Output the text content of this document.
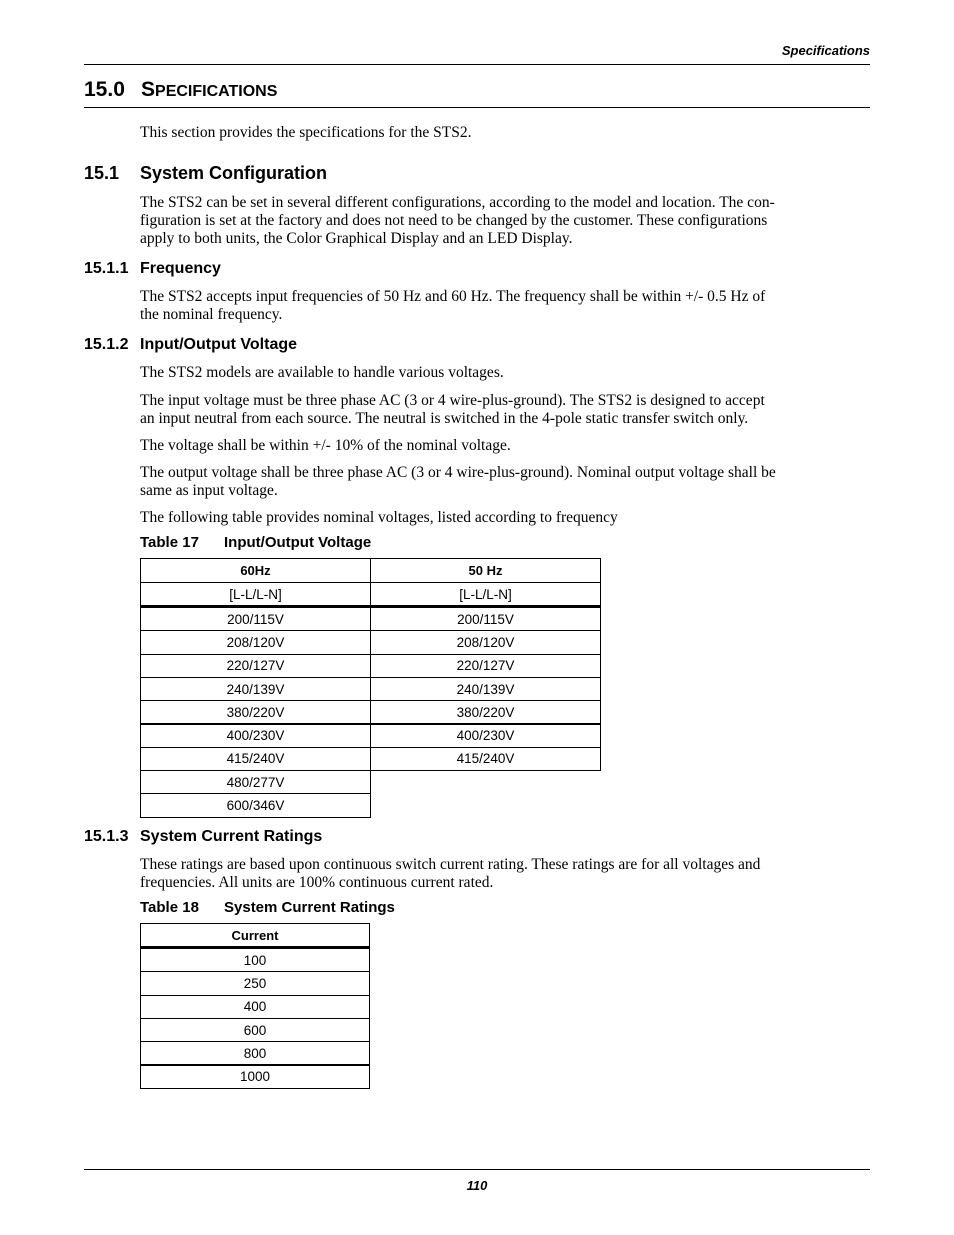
Specifications
15.0 SPECIFICATIONS
This section provides the specifications for the STS2.
15.1 System Configuration
The STS2 can be set in several different configurations, according to the model and location. The con-
figuration is set at the factory and does not need to be changed by the customer. These configurations
apply to both units, the Color Graphical Display and an LED Display.
15.1.1 Frequency
The STS2 accepts input frequencies of 50 Hz and 60 Hz. The frequency shall be within +/- 0.5 Hz of
the nominal frequency.
15.1.2 Input/Output Voltage
The STS2 models are available to handle various voltages.
The input voltage must be three phase AC (3 or 4 wire-plus-ground). The STS2 is designed to accept
an input neutral from each source. The neutral is switched in the 4-pole static transfer switch only.
The voltage shall be within +/- 10% of the nominal voltage.
The output voltage shall be three phase AC (3 or 4 wire-plus-ground). Nominal output voltage shall be
same as input voltage.
The following table provides nominal voltages, listed according to frequency
Table 17 Input/Output Voltage
60Hz	50 Hz
[L-L/L-N]	[L-L/L-N]
200/115V	200/115V
208/120V	208/120V
220/127V	220/127V
240/139V	240/139V
380/220V	380/220V
400/230V	400/230V
415/240V	415/240V
480/277V
600/346V
15.1.3 System Current Ratings
These ratings are based upon continuous switch current rating. These ratings are for all voltages and
frequencies. All units are 100% continuous current rated.
Table 18 System Current Ratings
Current
100
250
400
600
800
1000
110
